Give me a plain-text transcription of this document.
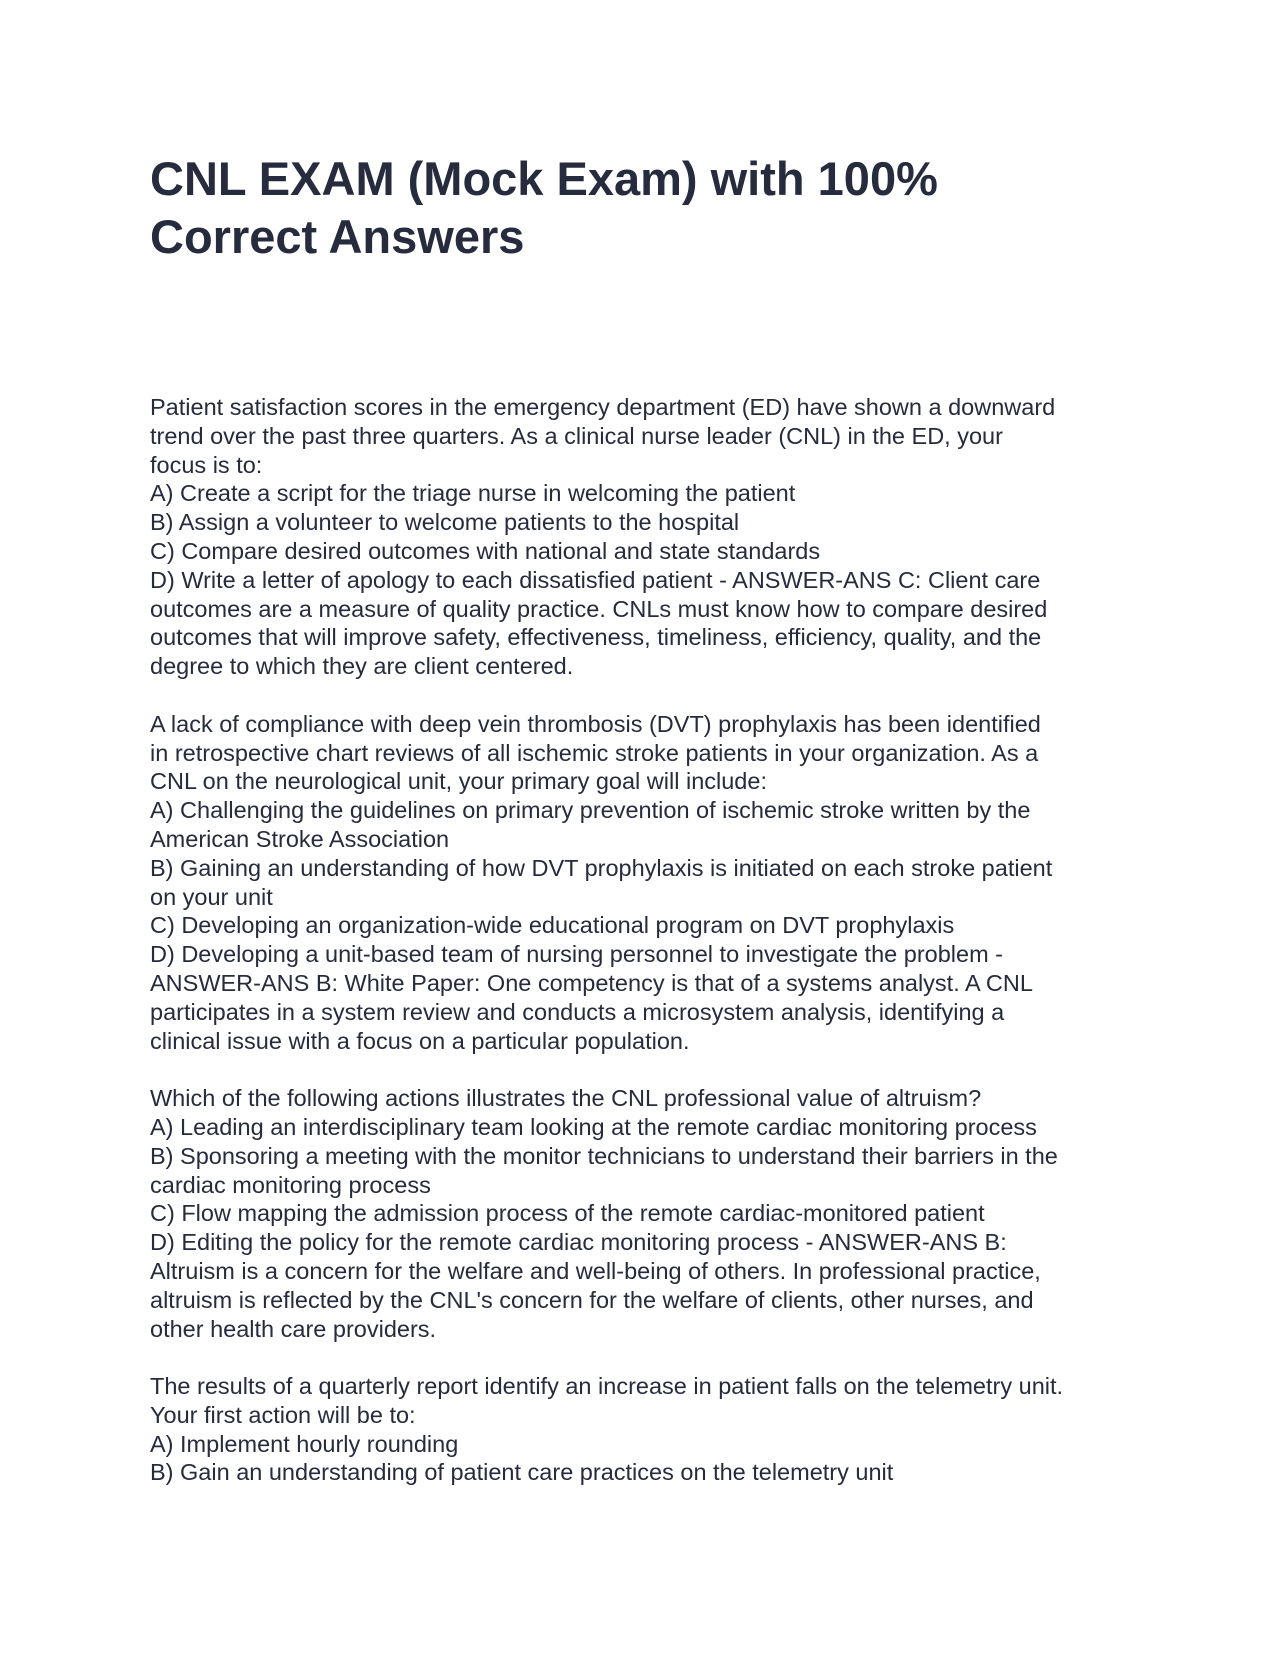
CNL EXAM (Mock Exam) with 100%
Correct Answers
Patient satisfaction scores in the emergency department (ED) have shown a downward
trend over the past three quarters. As a clinical nurse leader (CNL) in the ED, your
focus is to:
A) Create a script for the triage nurse in welcoming the patient
B) Assign a volunteer to welcome patients to the hospital
C) Compare desired outcomes with national and state standards
D) Write a letter of apology to each dissatisfied patient - ANSWER-ANS C: Client care
outcomes are a measure of quality practice. CNLs must know how to compare desired
outcomes that will improve safety, effectiveness, timeliness, efficiency, quality, and the
degree to which they are client centered.
A lack of compliance with deep vein thrombosis (DVT) prophylaxis has been identified
in retrospective chart reviews of all ischemic stroke patients in your organization. As a
CNL on the neurological unit, your primary goal will include:
A) Challenging the guidelines on primary prevention of ischemic stroke written by the
American Stroke Association
B) Gaining an understanding of how DVT prophylaxis is initiated on each stroke patient
on your unit
C) Developing an organization-wide educational program on DVT prophylaxis
D) Developing a unit-based team of nursing personnel to investigate the problem -
ANSWER-ANS B: White Paper: One competency is that of a systems analyst. A CNL
participates in a system review and conducts a microsystem analysis, identifying a
clinical issue with a focus on a particular population.
Which of the following actions illustrates the CNL professional value of altruism?
A) Leading an interdisciplinary team looking at the remote cardiac monitoring process
B) Sponsoring a meeting with the monitor technicians to understand their barriers in the
cardiac monitoring process
C) Flow mapping the admission process of the remote cardiac-monitored patient
D) Editing the policy for the remote cardiac monitoring process - ANSWER-ANS B:
Altruism is a concern for the welfare and well-being of others. In professional practice,
altruism is reflected by the CNL's concern for the welfare of clients, other nurses, and
other health care providers.
The results of a quarterly report identify an increase in patient falls on the telemetry unit.
Your first action will be to:
A) Implement hourly rounding
B) Gain an understanding of patient care practices on the telemetry unit
